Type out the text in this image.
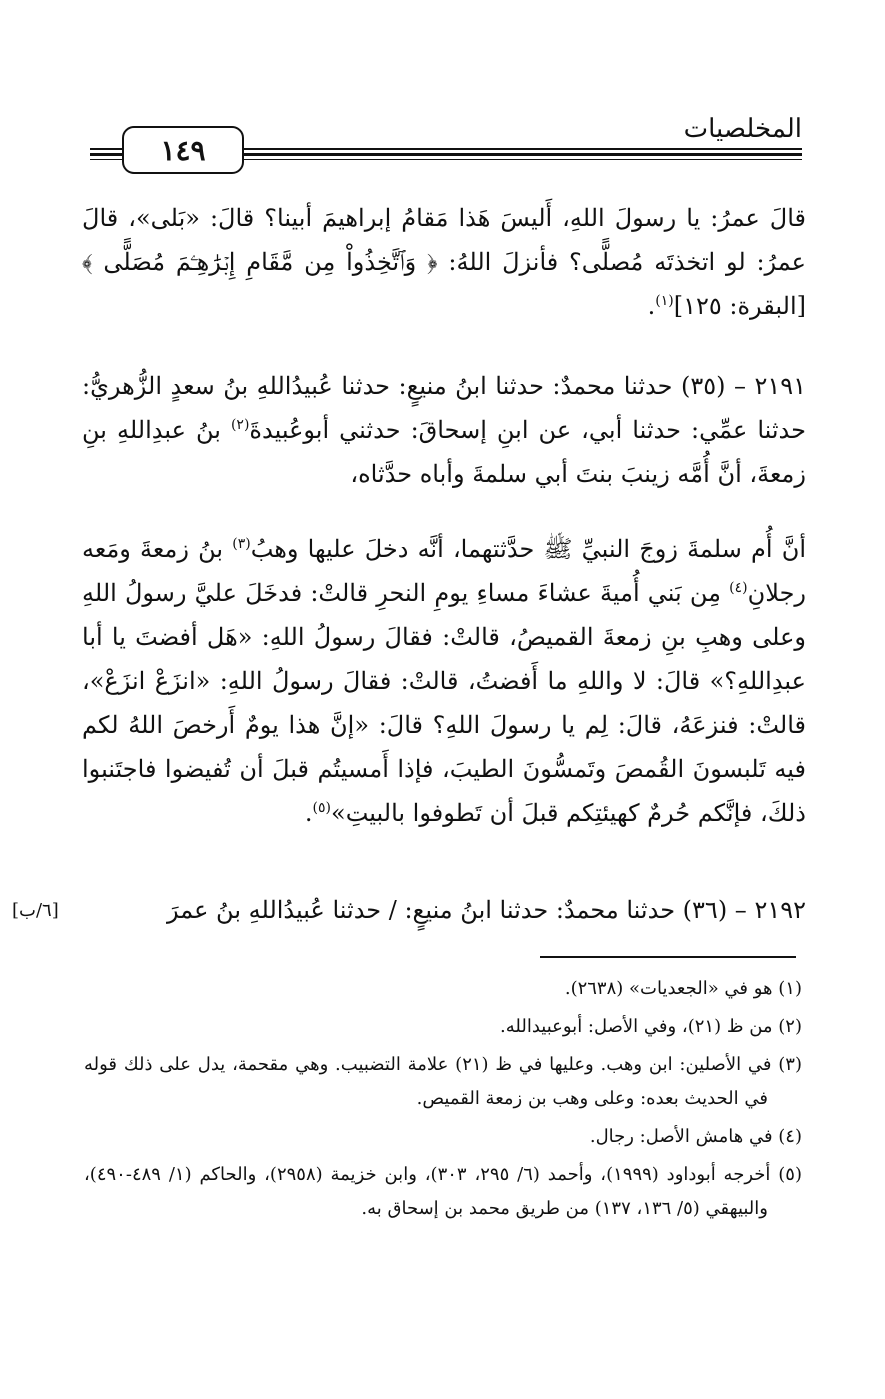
المخلصيات
١٤٩

قالَ عمرُ: يا رسولَ اللهِ، أَليسَ هَذا مَقامُ إبراهيمَ أبينا؟ قالَ: «بَلى»، قالَ عمرُ: لو اتخذتَه مُصلًّى؟ فأنزلَ اللهُ: ﴿ وَٱتَّخِذُواْ مِن مَّقَامِ إِبۡرَٰهِـۧمَ مُصَلًّى ﴾ [البقرة: ١٢٥]$^{(١)}$.

٢١٩١ – (٣٥) حدثنا محمدٌ: حدثنا ابنُ منيعٍ: حدثنا عُبيدُاللهِ بنُ سعدٍ الزُّهريُّ: حدثنا عمِّي: حدثنا أبي، عن ابنِ إسحاقَ: حدثني أبوعُبيدةَ$^{(٢)}$ بنُ عبدِاللهِ بنِ زمعةَ، أنَّ أُمَّه زينبَ بنتَ أبي سلمةَ وأباه حدَّثاه،

أنَّ أُم سلمةَ زوجَ النبيِّ ﷺ حدَّثتهما، أنَّه دخلَ عليها وهبُ$^{(٣)}$ بنُ زمعةَ ومَعه رجلانِ$^{(٤)}$ مِن بَني أُميةَ عشاءَ مساءِ يومِ النحرِ قالتْ: فدخَلَ عليَّ رسولُ اللهِ وعلى وهبِ بنِ زمعةَ القميصُ، قالتْ: فقالَ رسولُ اللهِ: «هَل أفضتَ يا أبا عبدِاللهِ؟» قالَ: لا واللهِ ما أَفضتُ، قالتْ: فقالَ رسولُ اللهِ: «انزَعْ انزَعْ»، قالتْ: فنزعَهُ، قالَ: لِم يا رسولَ اللهِ؟ قالَ: «إنَّ هذا يومٌ أَرخصَ اللهُ لكم فيه تَلبسونَ القُمصَ وتَمسُّونَ الطيبَ، فإذا أَمسيتُم قبلَ أن تُفيضوا فاجتَنبوا ذلكَ، فإنَّكم حُرمٌ كهيئتِكم قبلَ أن تَطوفوا بالبيتِ»$^{(٥)}$.

٢١٩٢ – (٣٦) حدثنا محمدٌ: حدثنا ابنُ منيعٍ: / حدثنا عُبيدُاللهِ بنُ عمرَ

[٦/ب]

(١) هو في «الجعديات» (٢٦٣٨).

(٢) من ظ (٢١)، وفي الأصل: أبوعبيدالله.

(٣) في الأصلين: ابن وهب. وعليها في ظ (٢١) علامة التضبيب. وهي مقحمة، يدل على ذلك قوله في الحديث بعده: وعلى وهب بن زمعة القميص.

(٤) في هامش الأصل: رجال.

(٥) أخرجه أبوداود (١٩٩٩)، وأحمد (٦/ ٢٩٥، ٣٠٣)، وابن خزيمة (٢٩٥٨)، والحاكم (١/ ٤٨٩-٤٩٠)، والبيهقي (٥/ ١٣٦، ١٣٧) من طريق محمد بن إسحاق به.
